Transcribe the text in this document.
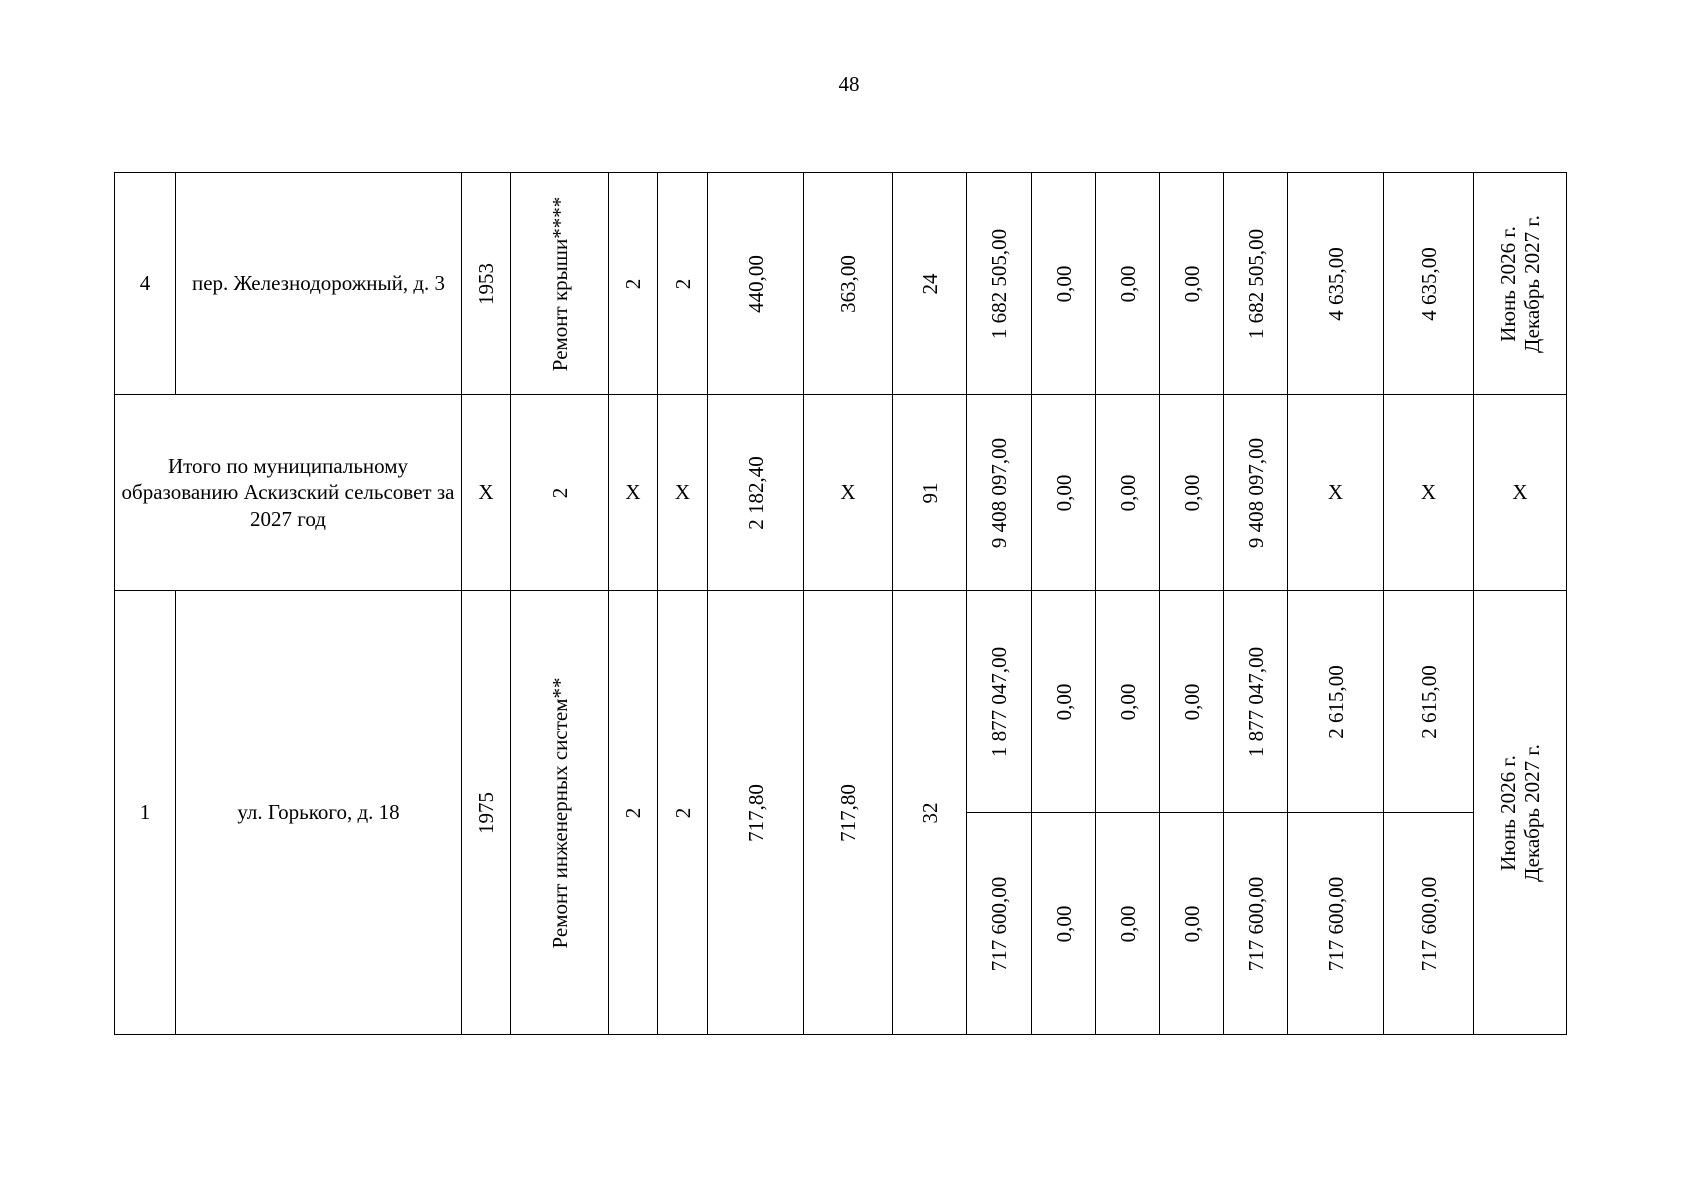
48
4	пер. Железнодорожный, д. 3	1953	Ремонт крыши****	2	2	440,00	363,00	24	1 682 505,00	0,00	0,00	0,00	1 682 505,00	4 635,00	4 635,00	Июнь 2026 г.
Декабрь 2027 г.

Итого по муниципальному образованию Аскизский сельсовет за 2027 год		X	2	X	X	2 182,40	X	91	9 408 097,00	0,00	0,00	0,00	9 408 097,00	X	X	X
1	ул. Горького, д. 18	1975	Ремонт инженерных систем**	2	2	717,80	717,80	32	1 877 047,00	0,00	0,00	0,00	1 877 047,00	2 615,00	2 615,00	Июнь 2026 г.
Декабрь 2027 г.

									717 600,00	0,00	0,00	0,00	717 600,00	717 600,00	717 600,00	
